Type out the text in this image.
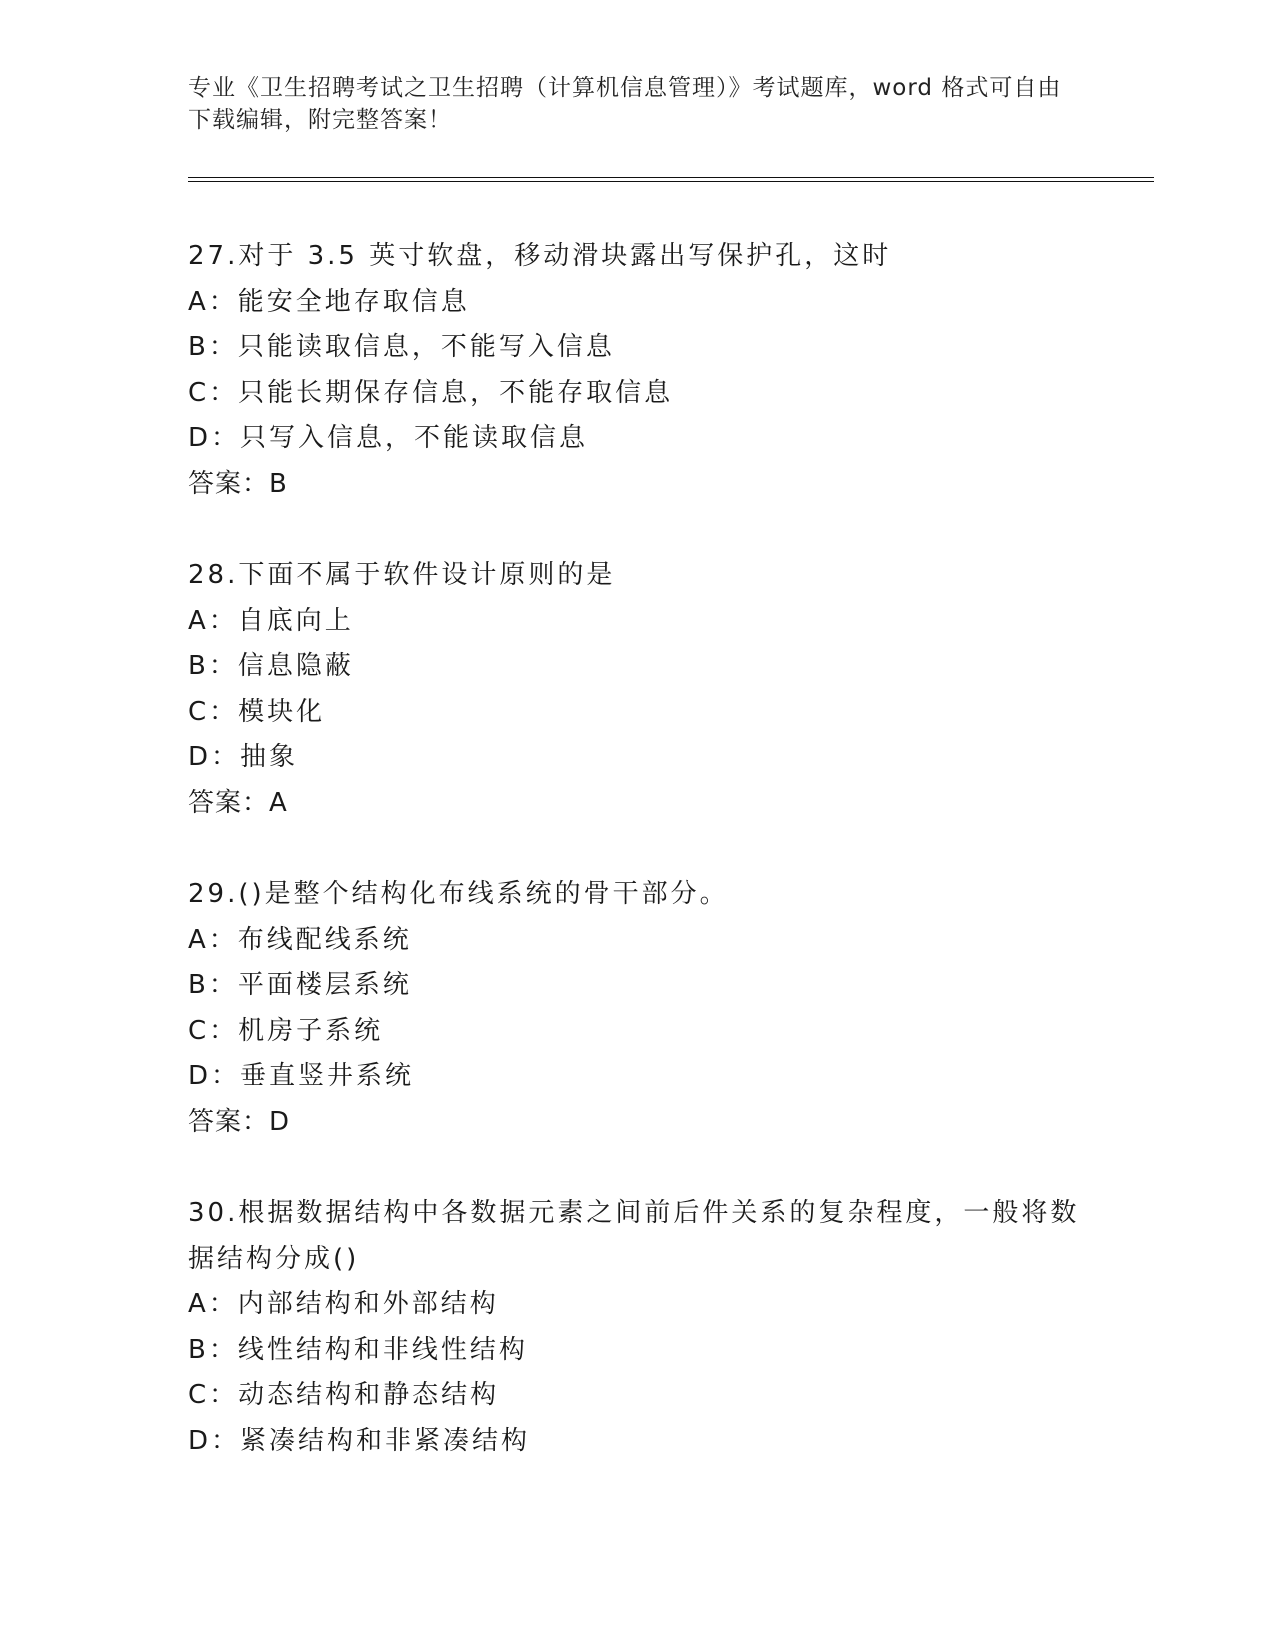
专业《卫生招聘考试之卫生招聘（计算机信息管理）》考试题库，word 格式可自由下载编辑，附完整答案！
27.对于 3.5 英寸软盘，移动滑块露出写保护孔，这时
A：能安全地存取信息
B：只能读取信息，不能写入信息
C：只能长期保存信息，不能存取信息
D：只写入信息，不能读取信息
答案：B
28.下面不属于软件设计原则的是
A：自底向上
B：信息隐蔽
C：模块化
D：抽象
答案：A
29.()是整个结构化布线系统的骨干部分。
A：布线配线系统
B：平面楼层系统
C：机房子系统
D：垂直竖井系统
答案：D
30.根据数据结构中各数据元素之间前后件关系的复杂程度，一般将数据结构分成()
A：内部结构和外部结构
B：线性结构和非线性结构
C：动态结构和静态结构
D：紧凑结构和非紧凑结构
